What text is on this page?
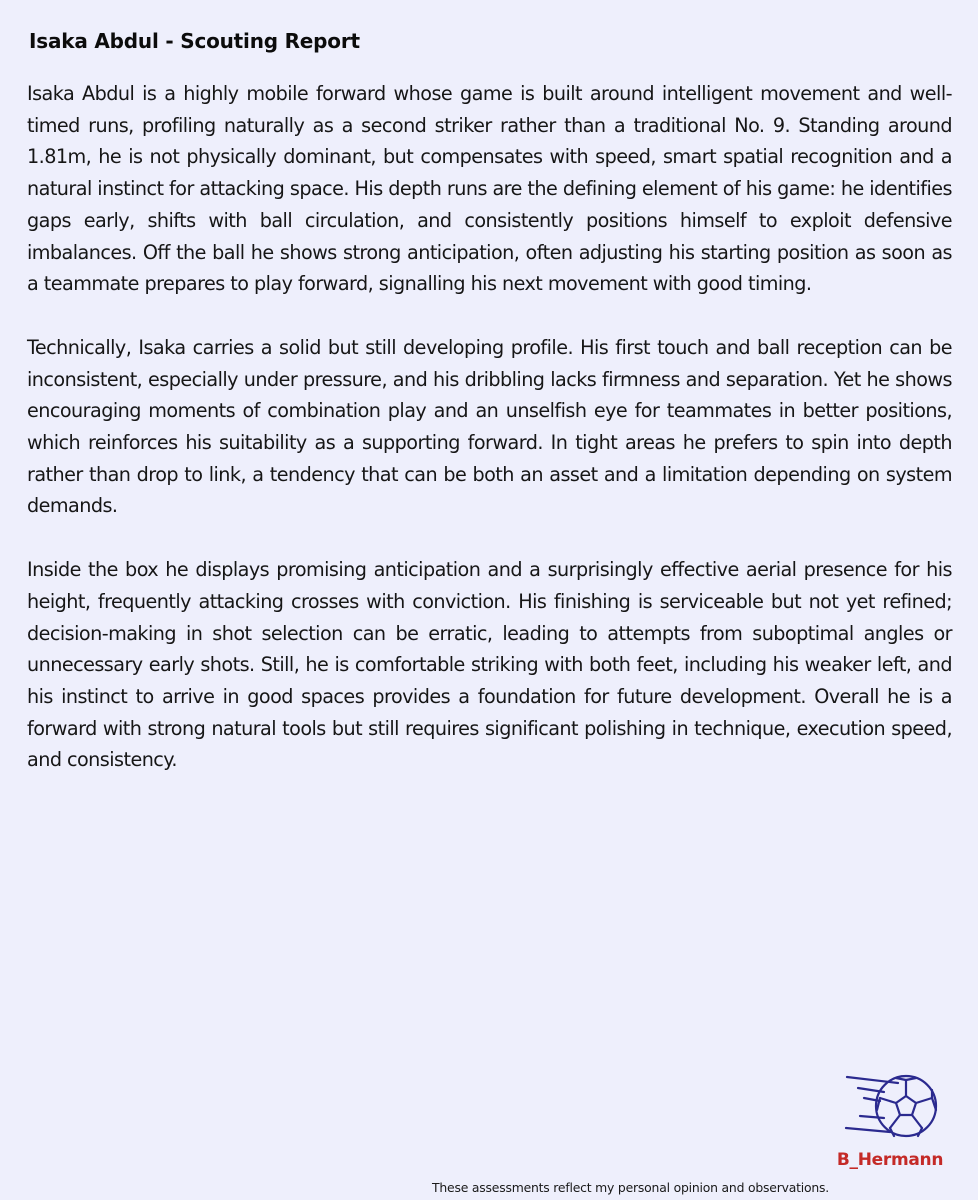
Isaka Abdul - Scouting Report

Isaka Abdul is a highly mobile forward whose game is built around intelligent movement and well-timed runs, profiling naturally as a second striker rather than a traditional No. 9. Standing around 1.81m, he is not physically dominant, but compensates with speed, smart spatial recognition and a natural instinct for attacking space. His depth runs are the defining element of his game: he identifies gaps early, shifts with ball circulation, and consistently positions himself to exploit defensive imbalances. Off the ball he shows strong anticipation, often adjusting his starting position as soon as a teammate prepares to play forward, signalling his next movement with good timing.

Technically, Isaka carries a solid but still developing profile. His first touch and ball reception can be inconsistent, especially under pressure, and his dribbling lacks firmness and separation. Yet he shows encouraging moments of combination play and an unselfish eye for teammates in better positions, which reinforces his suitability as a supporting forward. In tight areas he prefers to spin into depth rather than drop to link, a tendency that can be both an asset and a limitation depending on system demands.

Inside the box he displays promising anticipation and a surprisingly effective aerial presence for his height, frequently attacking crosses with conviction. His finishing is serviceable but not yet refined; decision-making in shot selection can be erratic, leading to attempts from suboptimal angles or unnecessary early shots. Still, he is comfortable striking with both feet, including his weaker left, and his instinct to arrive in good spaces provides a foundation for future development. Overall he is a forward with strong natural tools but still requires significant polishing in technique, execution speed, and consistency.

B_Hermann
These assessments reflect my personal opinion and observations.
